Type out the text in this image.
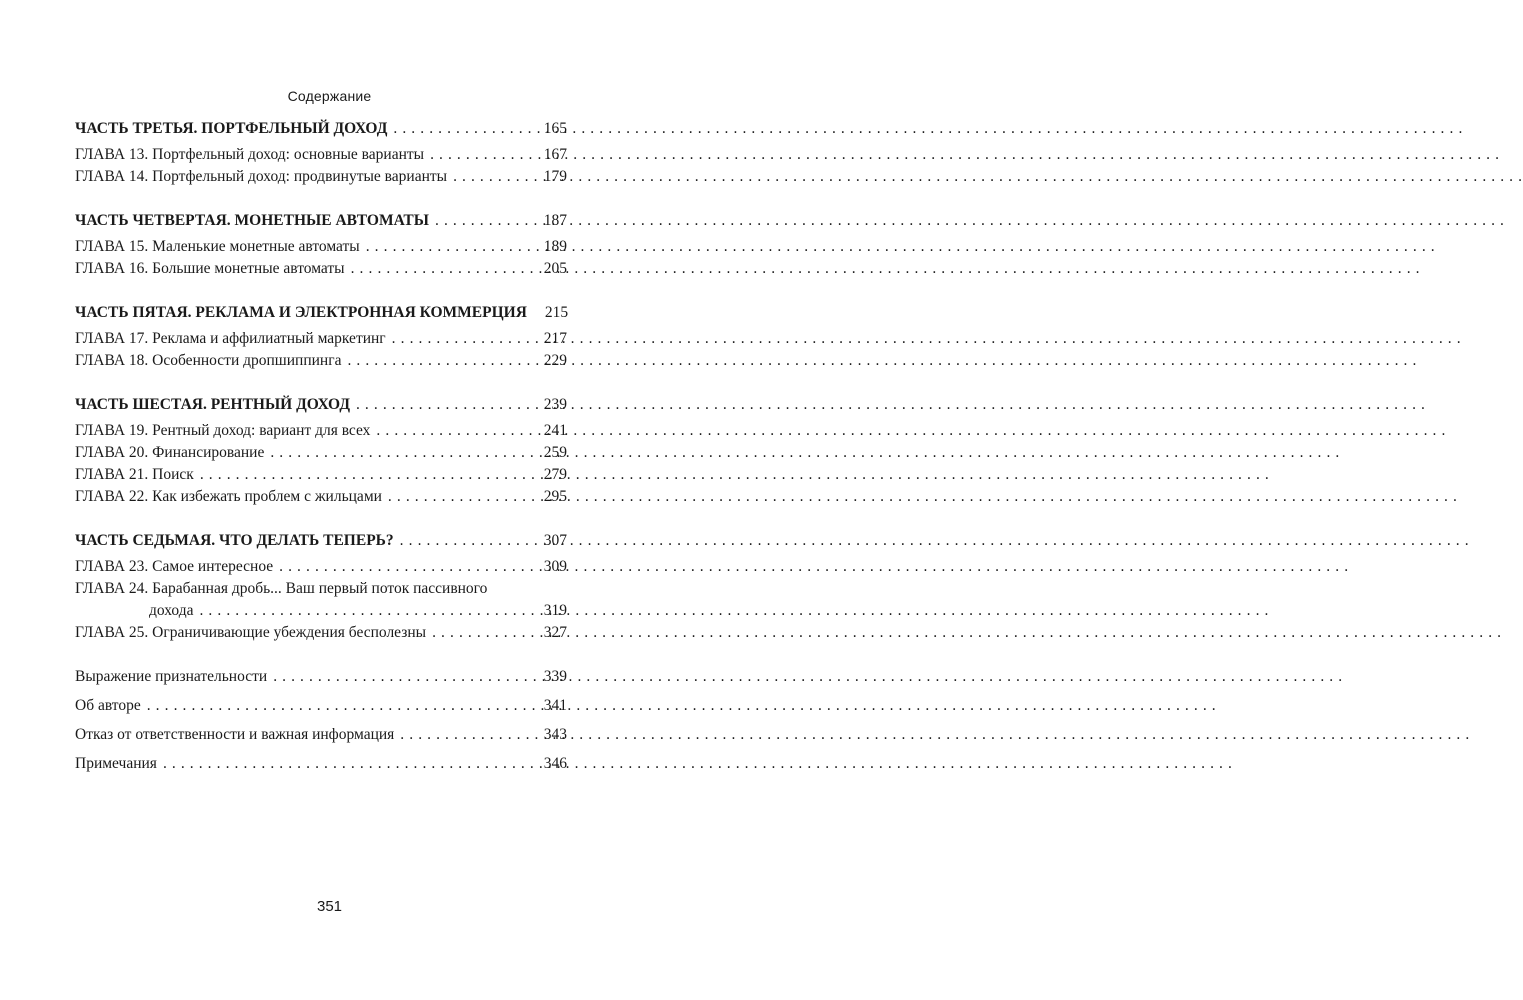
Содержание
ЧАСТЬ ТРЕТЬЯ. ПОРТФЕЛЬНЫЙ ДОХОД . . .	165
ГЛАВА 13. Портфельный доход: основные варианты . . .	167
ГЛАВА 14. Портфельный доход: продвинутые варианты . . .	179
ЧАСТЬ ЧЕТВЕРТАЯ. МОНЕТНЫЕ АВТОМАТЫ . . .	187
ГЛАВА 15. Маленькие монетные автоматы . . .	189
ГЛАВА 16. Большие монетные автоматы . . .	205
ЧАСТЬ ПЯТАЯ. РЕКЛАМА И ЭЛЕКТРОННАЯ КОММЕРЦИЯ 215
ГЛАВА 17. Реклама и аффилиатный маркетинг . . .	217
ГЛАВА 18. Особенности дропшиппинга . . .	229
ЧАСТЬ ШЕСТАЯ. РЕНТНЫЙ ДОХОД . . .	239
ГЛАВА 19. Рентный доход: вариант для всех . . .	241
ГЛАВА 20. Финансирование . . .	259
ГЛАВА 21. Поиск . . .	279
ГЛАВА 22. Как избежать проблем с жильцами . . .	295
ЧАСТЬ СЕДЬМАЯ. ЧТО ДЕЛАТЬ ТЕПЕРЬ? . . .	307
ГЛАВА 23. Самое интересное . . .	309
ГЛАВА 24. Барабанная дробь... Ваш первый поток пассивного
дохода . . .	319
ГЛАВА 25. Ограничивающие убеждения бесполезны . . .	327
Выражение признательности . . .	339
Об авторе . . .	341
Отказ от ответственности и важная информация . . .	343
Примечания . . .	346
351
